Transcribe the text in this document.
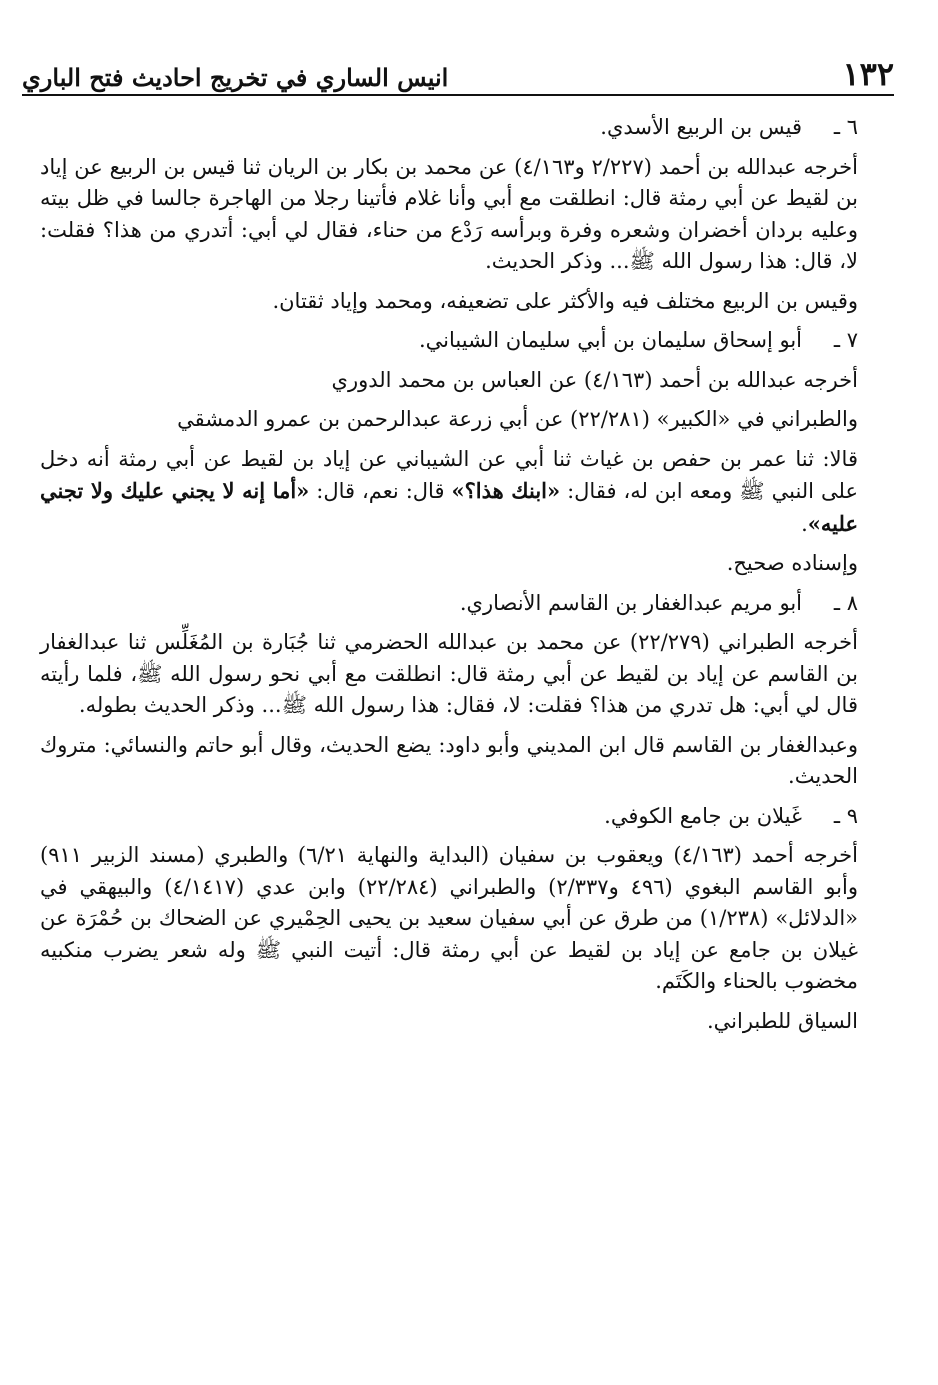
١٣٢
انيس الساري في تخريج احاديث فتح الباري

٦ ـقيس بن الربيع الأسدي.

أخرجه عبدالله بن أحمد (٢/٢٢٧ و٤/١٦٣) عن محمد بن بكار بن الريان ثنا قيس بن الربيع عن إياد بن لقيط عن أبي رمثة قال: انطلقت مع أبي وأنا غلام فأتينا رجلا من الهاجرة جالسا في ظل بيته وعليه بردان أخضران وشعره وفرة وبرأسه رَدْع من حناء، فقال لي أبي: أتدري من هذا؟ فقلت: لا، قال: هذا رسول الله ﷺ... وذكر الحديث.

وقيس بن الربيع مختلف فيه والأكثر على تضعيفه، ومحمد وإياد ثقتان.

٧ ـأبو إسحاق سليمان بن أبي سليمان الشيباني.

أخرجه عبدالله بن أحمد (٤/١٦٣) عن العباس بن محمد الدوري

والطبراني في «الكبير» (٢٢/٢٨١) عن أبي زرعة عبدالرحمن بن عمرو الدمشقي

قالا: ثنا عمر بن حفص بن غياث ثنا أبي عن الشيباني عن إياد بن لقيط عن أبي رمثة أنه دخل على النبي ﷺ ومعه ابن له، فقال: «ابنك هذا؟» قال: نعم، قال: «أما إنه لا يجني عليك ولا تجني عليه».

وإسناده صحيح.

٨ ـأبو مريم عبدالغفار بن القاسم الأنصاري.

أخرجه الطبراني (٢٢/٢٧٩) عن محمد بن عبدالله الحضرمي ثنا جُبَارة بن المُغَلِّس ثنا عبدالغفار بن القاسم عن إياد بن لقيط عن أبي رمثة قال: انطلقت مع أبي نحو رسول الله ﷺ، فلما رأيته قال لي أبي: هل تدري من هذا؟ فقلت: لا، فقال: هذا رسول الله ﷺ... وذكر الحديث بطوله.

وعبدالغفار بن القاسم قال ابن المديني وأبو داود: يضع الحديث، وقال أبو حاتم والنسائي: متروك الحديث.

٩ ـغَيلان بن جامع الكوفي.

أخرجه أحمد (٤/١٦٣) ويعقوب بن سفيان (البداية والنهاية ٦/٢١) والطبري (مسند الزبير ٩١١) وأبو القاسم البغوي (٤٩٦ و٢/٣٣٧) والطبراني (٢٢/٢٨٤) وابن عدي (٤/١٤١٧) والبيهقي في «الدلائل» (١/٢٣٨) من طرق عن أبي سفيان سعيد بن يحيى الحِمْيري عن الضحاك بن حُمْرَة عن غيلان بن جامع عن إياد بن لقيط عن أبي رمثة قال: أتيت النبي ﷺ وله شعر يضرب منكبيه مخضوب بالحناء والكَتَم.

السياق للطبراني.
